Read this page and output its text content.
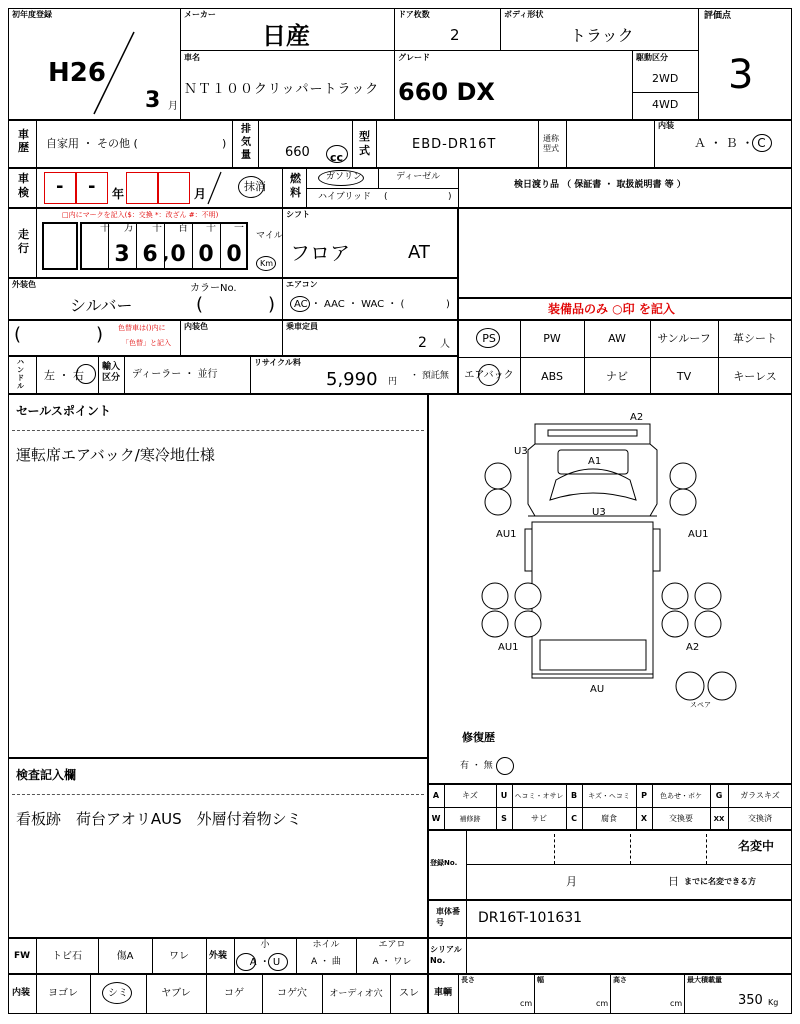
初年度登録
H26
3 月
メーカー
日産
ドア枚数
2
ボディ形状
トラック
評価点
3
車名
ＮＴ１００クリッパートラック
グレード
660 DX
駆動区分
2WD
4WD
車歴 自家用 ・ その他 (	)
排気量	660 cc
型式	EBD-DR16T	通称型式
内装
Ａ ・ Ｂ ・ C
車検 - - 年	月
抹消
燃料
ガソリン	ディーゼル
ハイブリッド (	)
検日渡り品 （ 保証書 ・ 取扱説明書 等 ）
走行
□内にマークを記入($：交換 *：改ざん #：不明)
十 万 千 百 十 一
3 6 , 0 0 0
マイル
Km
シフト
フロア	AT
外装色
シルバー
カラーNo.
(	)
エアコン
AC ・ AAC ・ WAC ・ (	)	装備品のみ ○印 を記入
(	) 色替車は()内に
「色替」と記入
内装色	乗車定員
2 人	PS	PW	AW	サンルーフ	革シート
エアバック	ABS	ナビ	TV	キーレス
ハンドル
左 ・ 右
輸入区分 ディーラー ・ 並行
リサイクル料
5,990 円
・ 預託無
セールスポイント
運転席エアバック/寒冷地仕様
A2
U3
A1
U3
AU1	AU1
AU1	A2
AU
スペア
修復歴
有 ・ 無
検査記入欄
看板跡　荷台アオリAUS　外層付着物シミ
A	キズ	U	ヘコミ・オサレ B	キズ・ヘコミ	P	色あせ・ボケ	G	ガラスキズ
W	補修跡	S	サビ	C	腐食	X	交換要	XX	交換済
登録No.
名変中
月	日 までに名変できる方
車体番号	DR16T-101631
FW	トビ石	傷A	ワレ	外装
小
A ・ U
ホイル
A ・ 曲
エアロ
A ・ ワレ
シリアルNo.
内装	ヨゴレ	シミ	ヤブレ	コゲ	コゲ穴	オーディオ穴	スレ	車輌
長さ
cm
幅
cm
高さ
cm
最大積載量
350 Kg
